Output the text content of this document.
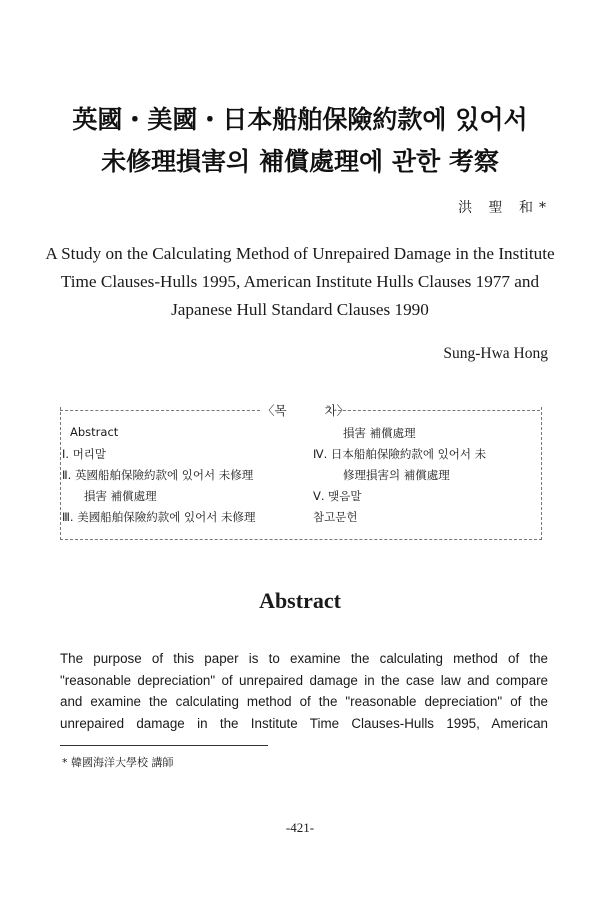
英國・美國・日本船舶保險約款에 있어서
未修理損害의 補償處理에 관한 考察
洪 聖 和*
A Study on the Calculating Method of Unrepaired Damage in the Institute
Time Clauses-Hulls 1995, American Institute Hulls Clauses 1977 and
Japanese Hull Standard Clauses 1990
Sung-Hwa Hong
〈목	차〉
Abstract
Ⅰ. 머리말
Ⅱ. 英國船舶保險約款에 있어서 未修理
損害 補償處理
Ⅲ. 美國船舶保險約款에 있어서 未修理
損害 補償處理
Ⅳ. 日本船舶保險約款에 있어서 未
修理損害의 補償處理
Ⅴ. 맺음말
참고문헌
Abstract
The purpose of this paper is to examine the calculating method of the
"reasonable depreciation" of unrepaired damage in the case law and compare
and examine the calculating method of the "reasonable depreciation" of the
unrepaired damage in the Institute Time Clauses-Hulls 1995, American
* 韓國海洋大學校 講師
-421-
